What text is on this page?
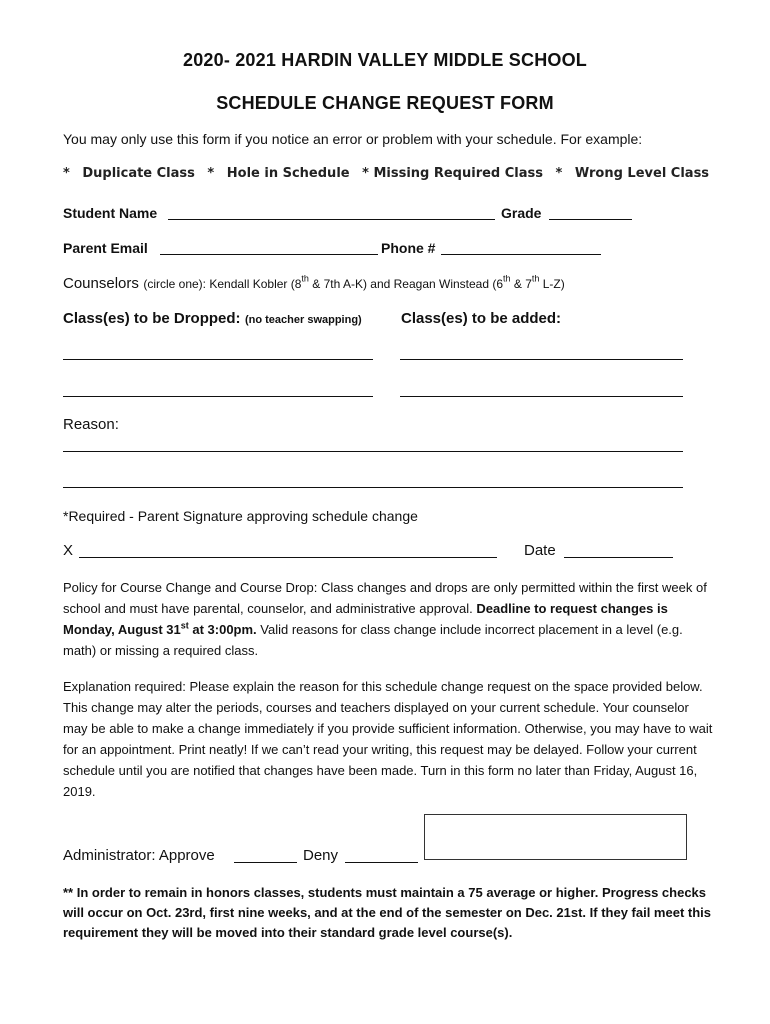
2020- 2021 HARDIN VALLEY MIDDLE SCHOOL
SCHEDULE CHANGE REQUEST FORM
You may only use this form if you notice an error or problem with your schedule. For example:
* Duplicate Class * Hole in Schedule * Missing Required Class * Wrong Level Class
Student Name	Grade
Parent Email	Phone #
Counselors (circle one): Kendall Kobler (8th & 7th A-K) and Reagan Winstead (6th & 7th L-Z)
Class(es) to be Dropped: (no teacher swapping)	Class(es) to be added:
Reason:
*Required - Parent Signature approving schedule change
X	Date
Policy for Course Change and Course Drop: Class changes and drops are only permitted within the first week of school and must have parental, counselor, and administrative approval. Deadline to request changes is Monday, August 31st at 3:00pm. Valid reasons for class change include incorrect placement in a level (e.g. math) or missing a required class.
Explanation required: Please explain the reason for this schedule change request on the space provided below. This change may alter the periods, courses and teachers displayed on your current schedule. Your counselor may be able to make a change immediately if you provide sufficient information. Otherwise, you may have to wait for an appointment. Print neatly! If we can’t read your writing, this request may be delayed. Follow your current schedule until you are notified that changes have been made. Turn in this form no later than Friday, August 16, 2019.
Administrator: Approve	Deny
** In order to remain in honors classes, students must maintain a 75 average or higher. Progress checks will occur on Oct. 23rd, first nine weeks, and at the end of the semester on Dec. 21st. If they fail meet this requirement they will be moved into their standard grade level course(s).
